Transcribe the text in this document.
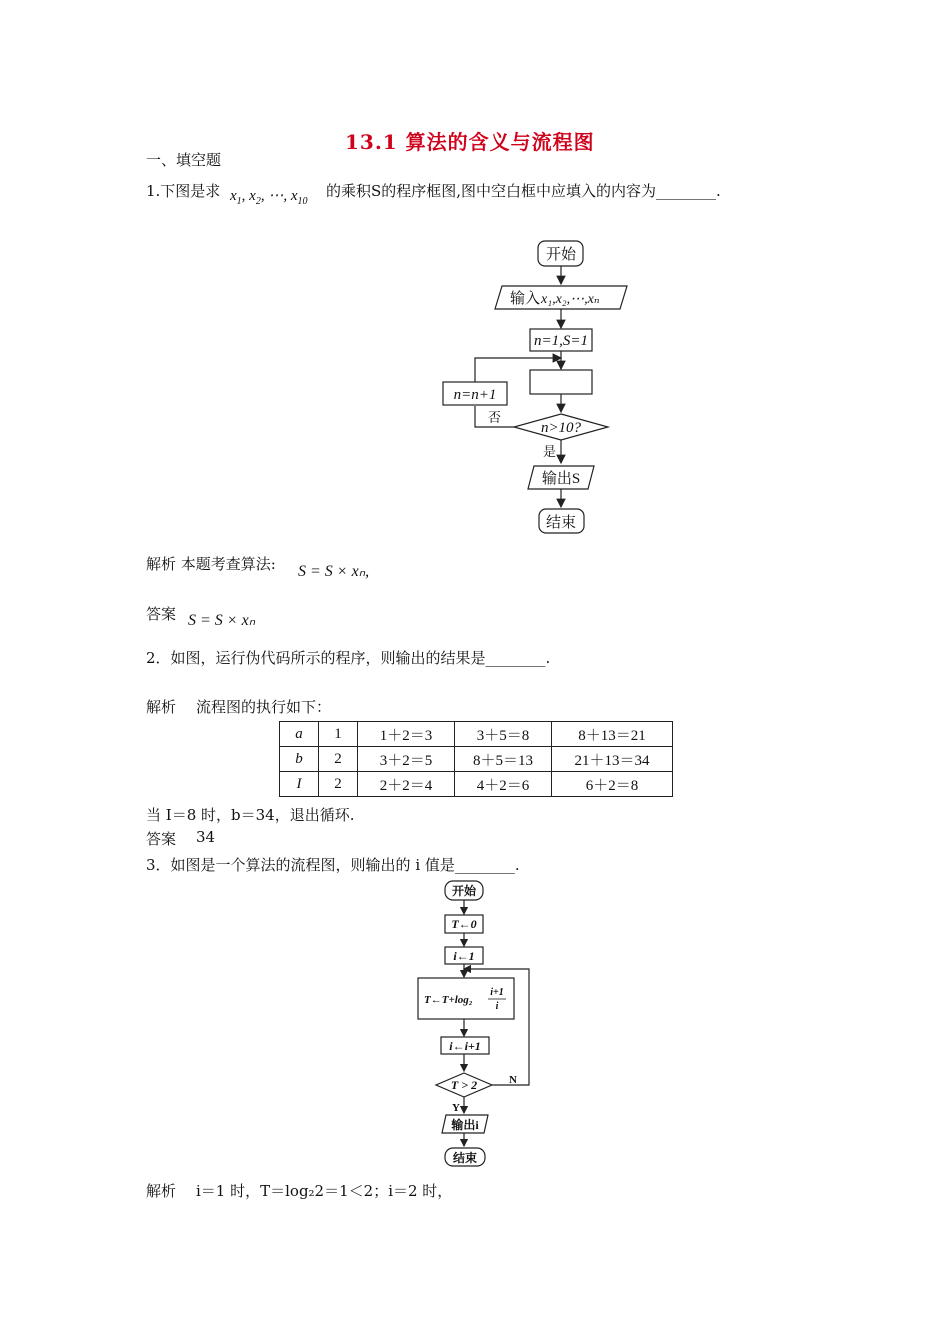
13.1 算法的含义与流程图
一、填空题
1.下图是求 $x_1$, $x_2$, ⋯, $x_{10}$
的乘积S的程序框图,图中空白框中应填入的内容为________.
开始
输入 x₁,x₂,⋯,xₙ
n=1,S=1
n=n+1
否
n>10?
是
输出S
结束
解析 本题考查算法: S = S × xₙ,
答案 S = S × xₙ
2．如图，运行伪代码所示的程序，则输出的结果是________.
解析 流程图的执行如下：
a	1	1＋2＝3	3＋5＝8	8＋13＝21
b	2	3＋2＝5	8＋5＝13	21＋13＝34
I	2	2＋2＝4	4＋2＝6	6＋2＝8
当 I＝8 时，b＝34，退出循环.
答案 34
3．如图是一个算法的流程图，则输出的 i 值是________.
开始
T←0
i←1
T←T+log₂
i+1
i
i←i+1
T > 2	N
Y
输出i
结束
解析 i＝1 时，T＝log₂2＝1＜2；i＝2 时，
